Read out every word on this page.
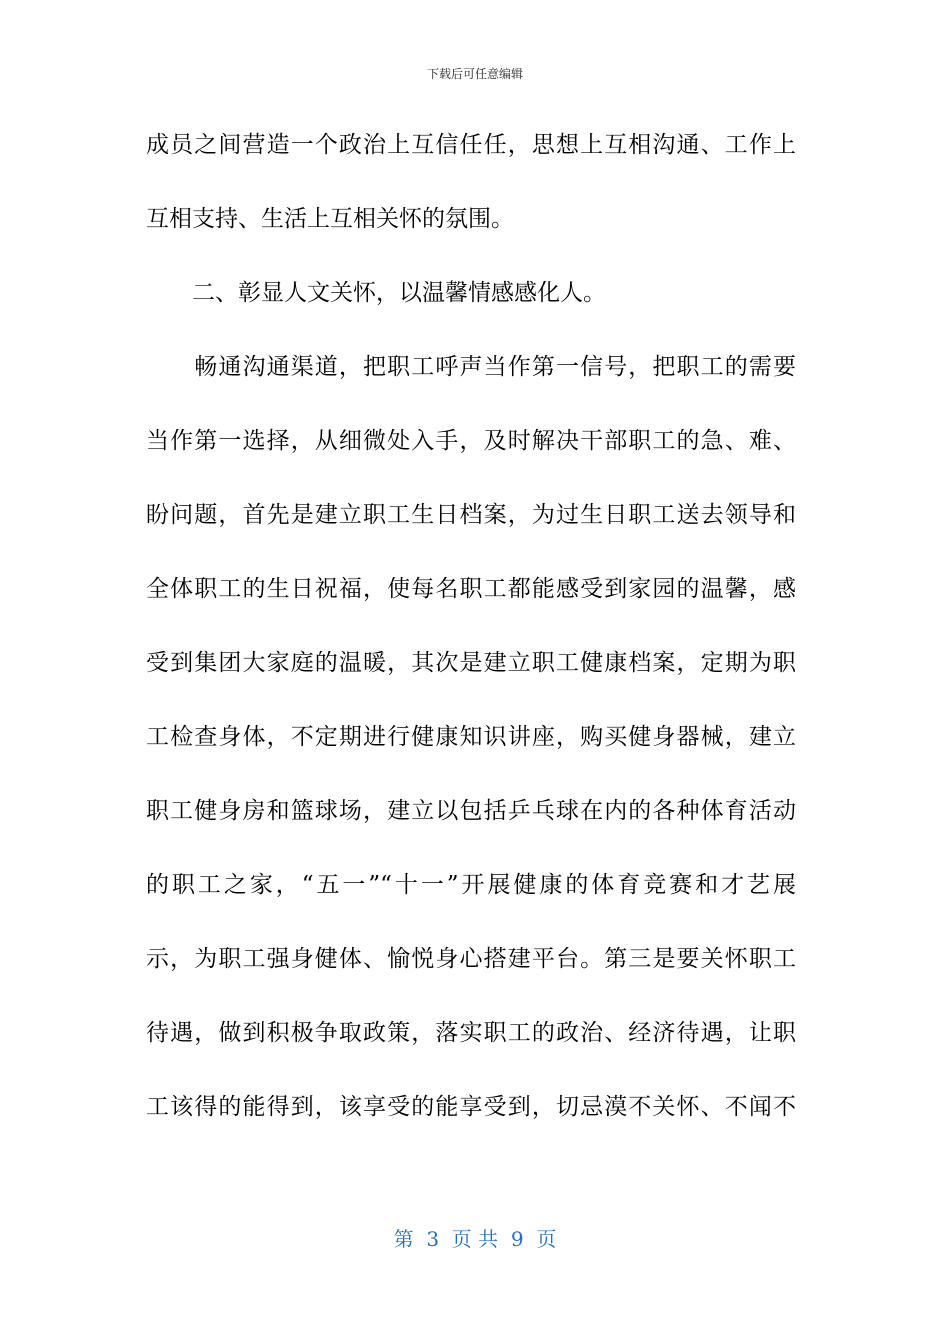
下载后可任意编辑
成员之间营造一个政治上互信任任，思想上互相沟通、工作上
互相支持、生活上互相关怀的氛围。
　　二、彰显人文关怀，以温馨情感感化人。
　　畅通沟通渠道，把职工呼声当作第一信号，把职工的需要
当作第一选择，从细微处入手，及时解决干部职工的急、难、
盼问题，首先是建立职工生日档案，为过生日职工送去领导和
全体职工的生日祝福，使每名职工都能感受到家园的温馨，感
受到集团大家庭的温暖，其次是建立职工健康档案，定期为职
工检查身体，不定期进行健康知识讲座，购买健身器械，建立
职工健身房和篮球场，建立以包括乒乓球在内的各种体育活动
的职工之家，“五一”“十一”开展健康的体育竞赛和才艺展
示，为职工强身健体、愉悦身心搭建平台。第三是要关怀职工
待遇，做到积极争取政策，落实职工的政治、经济待遇，让职
工该得的能得到，该享受的能享受到，切忌漠不关怀、不闻不
第  3  页 共  9  页
